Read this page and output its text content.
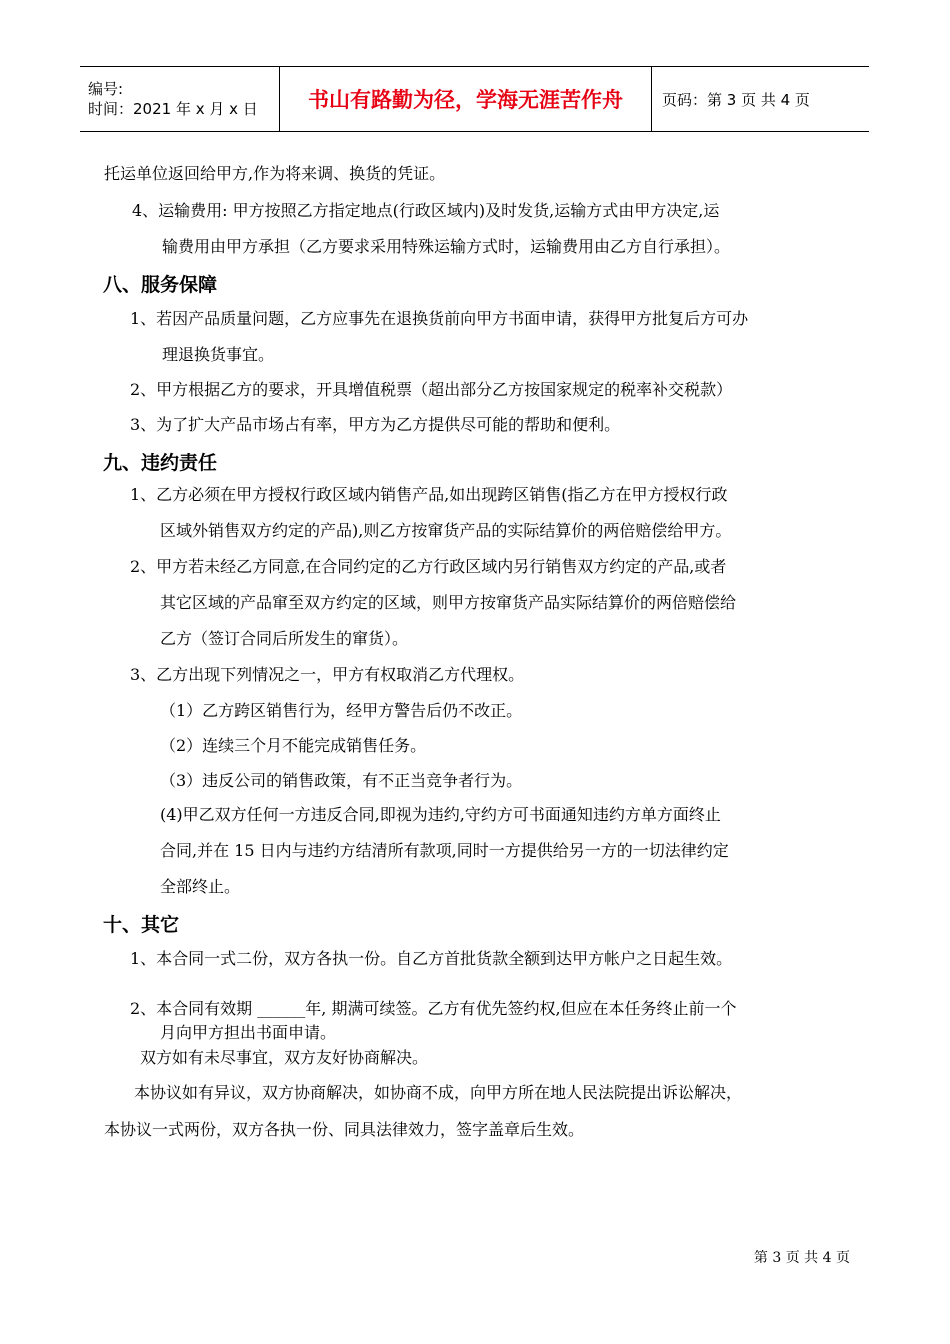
编号:
时间：2021 年 x 月 x 日	书山有路勤为径，学海无涯苦作舟	页码：第 3 页 共 4 页
托运单位返回给甲方,作为将来调、换货的凭证。
4、运输费用: 甲方按照乙方指定地点(行政区域内)及时发货,运输方式由甲方决定,运
输费用由甲方承担（乙方要求采用特殊运输方式时，运输费用由乙方自行承担）。
八、服务保障
1、若因产品质量问题，乙方应事先在退换货前向甲方书面申请，获得甲方批复后方可办
理退换货事宜。
2、甲方根据乙方的要求，开具增值税票（超出部分乙方按国家规定的税率补交税款）
3、为了扩大产品市场占有率，甲方为乙方提供尽可能的帮助和便利。
九、违约责任
1、乙方必须在甲方授权行政区域内销售产品,如出现跨区销售(指乙方在甲方授权行政
区域外销售双方约定的产品),则乙方按窜货产品的实际结算价的两倍赔偿给甲方。
2、甲方若未经乙方同意,在合同约定的乙方行政区域内另行销售双方约定的产品,或者
其它区域的产品窜至双方约定的区域，则甲方按窜货产品实际结算价的两倍赔偿给
乙方（签订合同后所发生的窜货）。
3、乙方出现下列情况之一，甲方有权取消乙方代理权。
（1）乙方跨区销售行为，经甲方警告后仍不改正。
（2）连续三个月不能完成销售任务。
（3）违反公司的销售政策，有不正当竞争者行为。
(4)甲乙双方任何一方违反合同,即视为违约,守约方可书面通知违约方单方面终止
合同,并在 15 日内与违约方结清所有款项,同时一方提供给另一方的一切法律约定
全部终止。
十、其它
1、本合同一式二份，双方各执一份。自乙方首批货款全额到达甲方帐户之日起生效。
2、本合同有效期 ______年, 期满可续签。乙方有优先签约权,但应在本任务终止前一个
月向甲方担出书面申请。
双方如有未尽事宜，双方友好协商解决。
本协议如有异议，双方协商解决，如协商不成，向甲方所在地人民法院提出诉讼解决，
本协议一式两份，双方各执一份、同具法律效力，签字盖章后生效。
第 3 页 共 4 页
